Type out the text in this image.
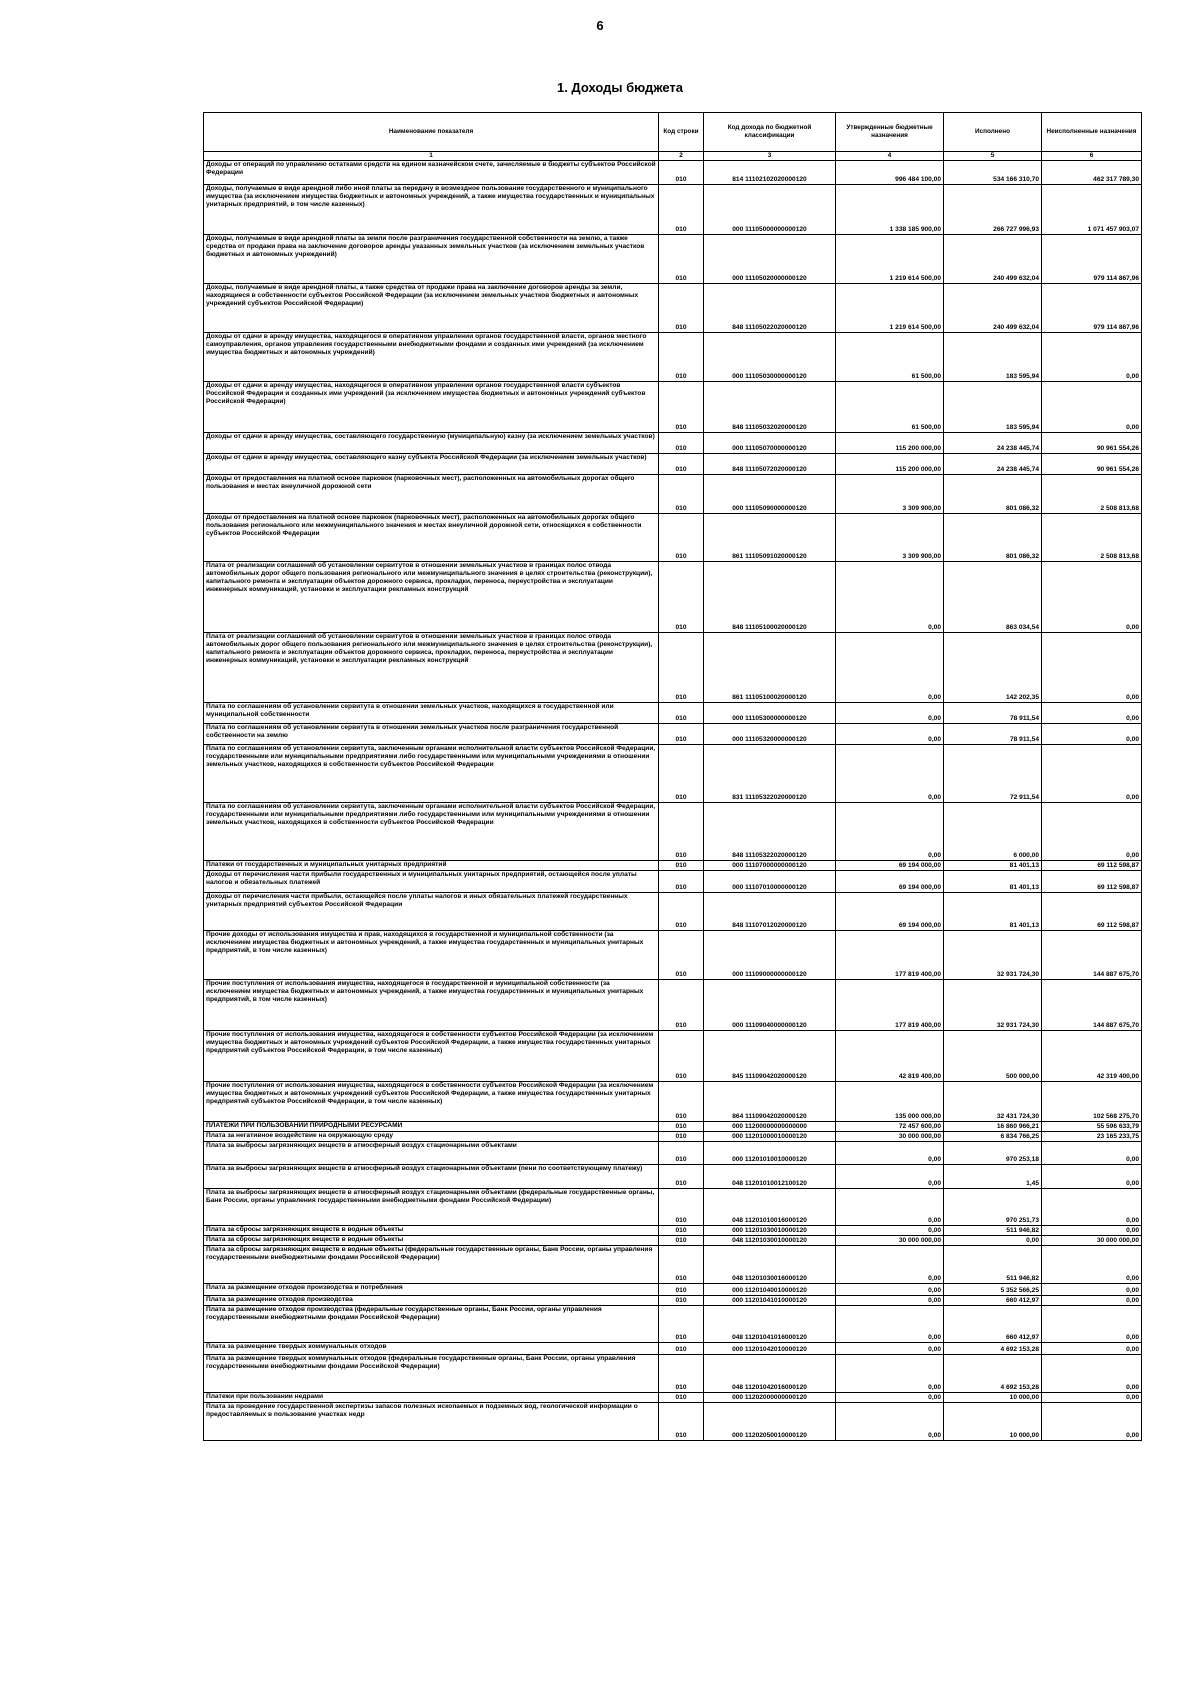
6
1. Доходы бюджета
Наименование показателя	Код строки	Код дохода по бюджетной классификации	Утвержденные бюджетные назначения	Исполнено	Неисполненные назначения
1	2	3	4	5	6
Доходы от операций по управлению остатками средств на едином казначейском счете, зачисляемые в бюджеты субъектов Российской Федерации	010	814 11102102020000120	996 484 100,00	534 166 310,70	462 317 789,30
Доходы, получаемые в виде арендной либо иной платы за передачу в возмездное пользование государственного и муниципального имущества (за исключением имущества бюджетных и автономных учреждений, а также имущества государственных и муниципальных унитарных предприятий, в том числе казенных)	010	000 11105000000000120	1 338 185 900,00	266 727 996,93	1 071 457 903,07
Доходы, получаемые в виде арендной платы за земли после разграничения государственной собственности на землю, а также средства от продажи права на заключение договоров аренды указанных земельных участков (за исключением земельных участков бюджетных и автономных учреждений)	010	000 11105020000000120	1 219 614 500,00	240 499 632,04	979 114 867,96
Доходы, получаемые в виде арендной платы, а также средства от продажи права на заключение договоров аренды за земли, находящиеся в собственности субъектов Российской Федерации (за исключением земельных участков бюджетных и автономных учреждений субъектов Российской Федерации)	010	848 11105022020000120	1 219 614 500,00	240 499 632,04	979 114 867,96
Доходы от сдачи в аренду имущества, находящегося в оперативном управлении органов государственной власти, органов местного самоуправления, органов управления государственными внебюджетными фондами и созданных ими учреждений (за исключением имущества бюджетных и автономных учреждений)	010	000 11105030000000120	61 500,00	183 595,94	0,00
Доходы от сдачи в аренду имущества, находящегося в оперативном управлении органов государственной власти субъектов Российской Федерации и созданных ими учреждений (за исключением имущества бюджетных и автономных учреждений субъектов Российской Федерации)	010	848 11105032020000120	61 500,00	183 595,94	0,00
Доходы от сдачи в аренду имущества, составляющего государственную (муниципальную) казну (за исключением земельных участков)	010	000 11105070000000120	115 200 000,00	24 238 445,74	90 961 554,26
Доходы от сдачи в аренду имущества, составляющего казну субъекта Российской Федерации (за исключением земельных участков)	010	848 11105072020000120	115 200 000,00	24 238 445,74	90 961 554,26
Доходы от предоставления на платной основе парковок (парковочных мест), расположенных на автомобильных дорогах общего пользования и местах внеуличной дорожной сети	010	000 11105090000000120	3 309 900,00	801 086,32	2 508 813,68
Доходы от предоставления на платной основе парковок (парковочных мест), расположенных на автомобильных дорогах общего пользования регионального или межмуниципального значения и местах внеуличной дорожной сети, относящихся к собственности субъектов Российской Федерации	010	861 11105091020000120	3 309 900,00	801 086,32	2 508 813,68
Плата от реализации соглашений об установлении сервитутов в отношении земельных участков в границах полос отвода автомобильных дорог общего пользования регионального или межмуниципального значения в целях строительства (реконструкции), капитального ремонта и эксплуатации объектов дорожного сервиса, прокладки, переноса, переустройства и эксплуатации инженерных коммуникаций, установки и эксплуатации рекламных конструкций	010	848 11105100020000120	0,00	863 034,54	0,00
Плата от реализации соглашений об установлении сервитутов в отношении земельных участков в границах полос отвода автомобильных дорог общего пользования регионального или межмуниципального значения в целях строительства (реконструкции), капитального ремонта и эксплуатации объектов дорожного сервиса, прокладки, переноса, переустройства и эксплуатации инженерных коммуникаций, установки и эксплуатации рекламных конструкций	010	861 11105100020000120	0,00	142 202,35	0,00
Плата по соглашениям об установлении сервитута в отношении земельных участков, находящихся в государственной или муниципальной собственности	010	000 11105300000000120	0,00	78 911,54	0,00
Плата по соглашениям об установлении сервитута в отношении земельных участков после разграничения государственной собственности на землю	010	000 11105320000000120	0,00	78 911,54	0,00
Плата по соглашениям об установлении сервитута, заключенным органами исполнительной власти субъектов Российской Федерации, государственными или муниципальными предприятиями либо государственными или муниципальными учреждениями в отношении земельных участков, находящихся в собственности субъектов Российской Федерации	010	831 11105322020000120	0,00	72 911,54	0,00
Плата по соглашениям об установлении сервитута, заключенным органами исполнительной власти субъектов Российской Федерации, государственными или муниципальными предприятиями либо государственными или муниципальными учреждениями в отношении земельных участков, находящихся в собственности субъектов Российской Федерации	010	848 11105322020000120	0,00	6 000,00	0,00
Платежи от государственных и муниципальных унитарных предприятий	010	000 11107000000000120	69 194 000,00	81 401,13	69 112 598,87
Доходы от перечисления части прибыли государственных и муниципальных унитарных предприятий, остающейся после уплаты налогов и обязательных платежей	010	000 11107010000000120	69 194 000,00	81 401,13	69 112 598,87
Доходы от перечисления части прибыли, остающейся после уплаты налогов и иных обязательных платежей государственных унитарных предприятий субъектов Российской Федерации	010	848 11107012020000120	69 194 000,00	81 401,13	69 112 598,87
Прочие доходы от использования имущества и прав, находящихся в государственной и муниципальной собственности (за исключением имущества бюджетных и автономных учреждений, а также имущества государственных и муниципальных унитарных предприятий, в том числе казенных)	010	000 11109000000000120	177 819 400,00	32 931 724,30	144 887 675,70
Прочие поступления от использования имущества, находящегося в государственной и муниципальной собственности (за исключением имущества бюджетных и автономных учреждений, а также имущества государственных и муниципальных унитарных предприятий, в том числе казенных)	010	000 11109040000000120	177 819 400,00	32 931 724,30	144 887 675,70
Прочие поступления от использования имущества, находящегося в собственности субъектов Российской Федерации (за исключением имущества бюджетных и автономных учреждений субъектов Российской Федерации, а также имущества государственных унитарных предприятий субъектов Российской Федерации, в том числе казенных)	010	845 11109042020000120	42 819 400,00	500 000,00	42 319 400,00
Прочие поступления от использования имущества, находящегося в собственности субъектов Российской Федерации (за исключением имущества бюджетных и автономных учреждений субъектов Российской Федерации, а также имущества государственных унитарных предприятий субъектов Российской Федерации, в том числе казенных)	010	864 11109042020000120	135 000 000,00	32 431 724,30	102 568 275,70
ПЛАТЕЖИ ПРИ ПОЛЬЗОВАНИИ ПРИРОДНЫМИ РЕСУРСАМИ	010	000 11200000000000000	72 457 600,00	16 860 966,21	55 596 633,79
Плата за негативное воздействие на окружающую среду	010	000 11201000010000120	30 000 000,00	6 834 766,25	23 165 233,75
Плата за выбросы загрязняющих веществ в атмосферный воздух стационарными объектами	010	000 11201010010000120	0,00	970 253,18	0,00
Плата за выбросы загрязняющих веществ в атмосферный воздух стационарными объектами (пени по соответствующему платежу)	010	048 11201010012100120	0,00	1,45	0,00
Плата за выбросы загрязняющих веществ в атмосферный воздух стационарными объектами (федеральные государственные органы, Банк России, органы управления государственными внебюджетными фондами Российской Федерации)	010	048 11201010016000120	0,00	970 251,73	0,00
Плата за сбросы загрязняющих веществ в водные объекты	010	000 11201030010000120	0,00	511 946,82	0,00
Плата за сбросы загрязняющих веществ в водные объекты	010	048 11201030010000120	30 000 000,00	0,00	30 000 000,00
Плата за сбросы загрязняющих веществ в водные объекты (федеральные государственные органы, Банк России, органы управления государственными внебюджетными фондами Российской Федерации)	010	048 11201030016000120	0,00	511 946,82	0,00
Плата за размещение отходов производства и потребления	010	000 11201040010000120	0,00	5 352 566,25	0,00
Плата за размещение отходов производства	010	000 11201041010000120	0,00	660 412,97	0,00
Плата за размещение отходов производства (федеральные государственные органы, Банк России, органы управления государственными внебюджетными фондами Российской Федерации)	010	048 11201041016000120	0,00	660 412,97	0,00
Плата за размещение твердых коммунальных отходов	010	000 11201042010000120	0,00	4 692 153,28	0,00
Плата за размещение твердых коммунальных отходов (федеральные государственные органы, Банк России, органы управления государственными внебюджетными фондами Российской Федерации)	010	048 11201042016000120	0,00	4 692 153,28	0,00
Платежи при пользовании недрами	010	000 11202000000000120	0,00	10 000,00	0,00
Плата за проведение государственной экспертизы запасов полезных ископаемых и подземных вод, геологической информации о предоставляемых в пользование участках недр	010	000 11202050010000120	0,00	10 000,00	0,00
